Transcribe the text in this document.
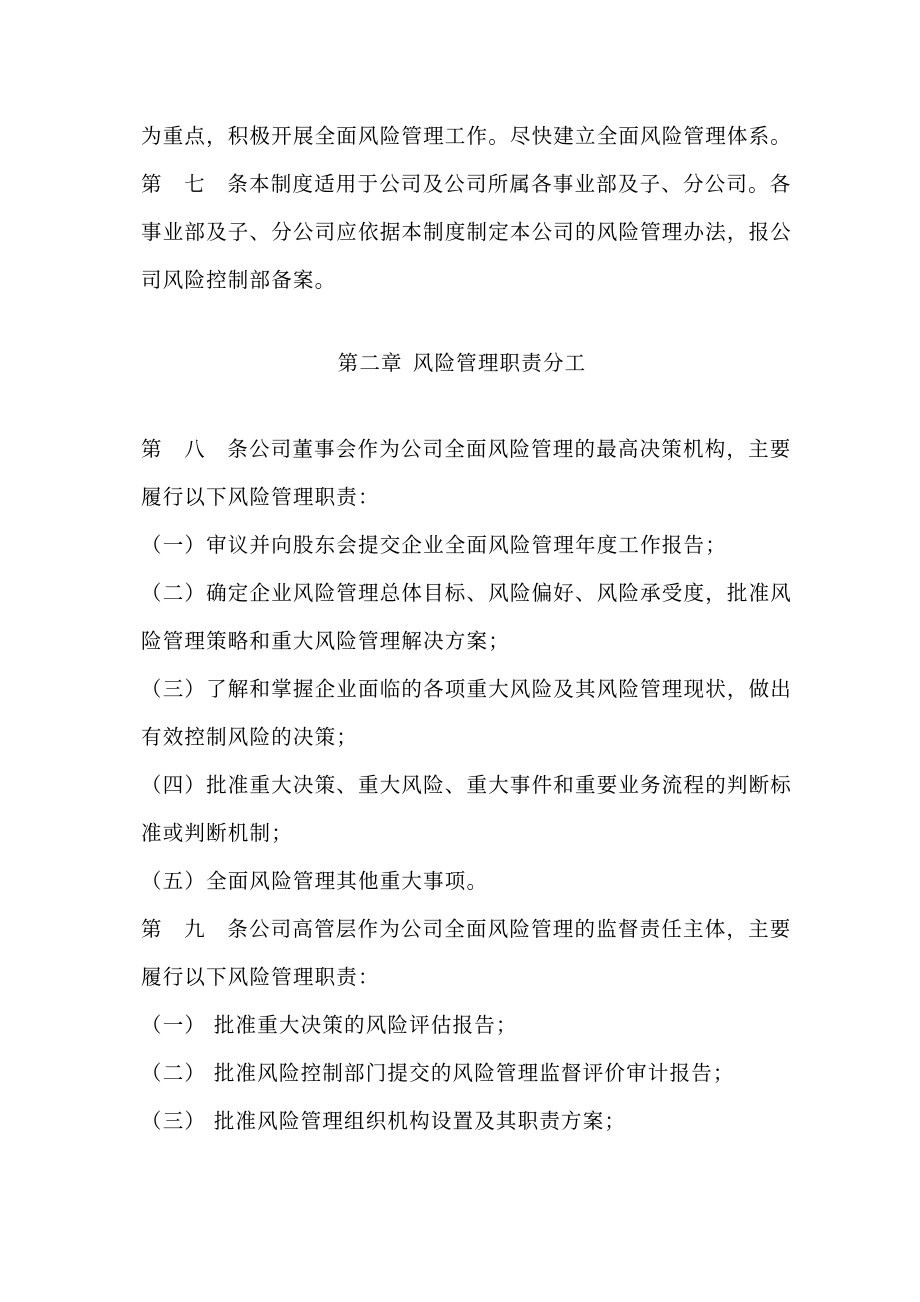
为重点，积极开展全面风险管理工作。尽快建立全面风险管理体系。
第七条本制度适用于公司及公司所属各事业部及子、分公司。各
事业部及子、分公司应依据本制度制定本公司的风险管理办法，报公
司风险控制部备案。
第二章 风险管理职责分工
第八条公司董事会作为公司全面风险管理的最高决策机构，主要
履行以下风险管理职责：
（一）审议并向股东会提交企业全面风险管理年度工作报告；
（二）确定企业风险管理总体目标、风险偏好、风险承受度，批准风
险管理策略和重大风险管理解决方案；
（三）了解和掌握企业面临的各项重大风险及其风险管理现状，做出
有效控制风险的决策；
（四）批准重大决策、重大风险、重大事件和重要业务流程的判断标
准或判断机制；
（五）全面风险管理其他重大事项。
第九条公司高管层作为公司全面风险管理的监督责任主体，主要
履行以下风险管理职责：
（一） 批准重大决策的风险评估报告；
（二） 批准风险控制部门提交的风险管理监督评价审计报告；
（三） 批准风险管理组织机构设置及其职责方案；
